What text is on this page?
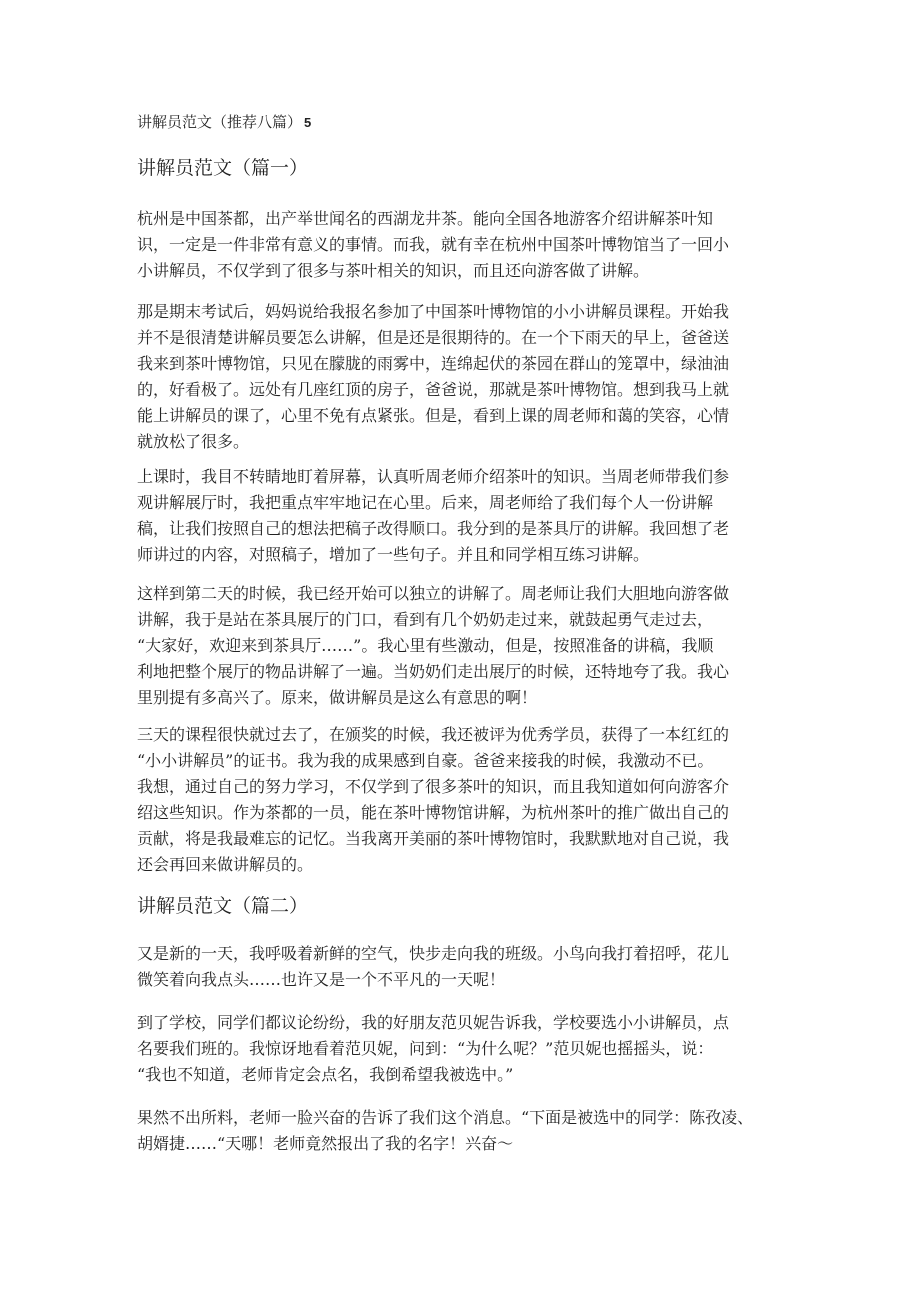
讲解员范文（推荐八篇） 5
讲解员范文（篇一）
杭州是中国茶都，出产举世闻名的西湖龙井茶。能向全国各地游客介绍讲解茶叶知
识，一定是一件非常有意义的事情。而我，就有幸在杭州中国茶叶博物馆当了一回小
小讲解员，不仅学到了很多与茶叶相关的知识，而且还向游客做了讲解。
那是期末考试后，妈妈说给我报名参加了中国茶叶博物馆的小小讲解员课程。开始我
并不是很清楚讲解员要怎么讲解，但是还是很期待的。在一个下雨天的早上，爸爸送
我来到茶叶博物馆，只见在朦胧的雨雾中，连绵起伏的茶园在群山的笼罩中，绿油油
的，好看极了。远处有几座红顶的房子，爸爸说，那就是茶叶博物馆。想到我马上就
能上讲解员的课了，心里不免有点紧张。但是，看到上课的周老师和蔼的笑容，心情
就放松了很多。
上课时，我目不转睛地盯着屏幕，认真听周老师介绍茶叶的知识。当周老师带我们参
观讲解展厅时，我把重点牢牢地记在心里。后来，周老师给了我们每个人一份讲解
稿，让我们按照自己的想法把稿子改得顺口。我分到的是茶具厅的讲解。我回想了老
师讲过的内容，对照稿子，增加了一些句子。并且和同学相互练习讲解。
这样到第二天的时候，我已经开始可以独立的讲解了。周老师让我们大胆地向游客做
讲解，我于是站在茶具展厅的门口，看到有几个奶奶走过来，就鼓起勇气走过去，
“大家好，欢迎来到茶具厅……”。我心里有些激动，但是，按照准备的讲稿，我顺
利地把整个展厅的物品讲解了一遍。当奶奶们走出展厅的时候，还特地夸了我。我心
里别提有多高兴了。原来，做讲解员是这么有意思的啊！
三天的课程很快就过去了，在颁奖的时候，我还被评为优秀学员，获得了一本红红的
“小小讲解员”的证书。我为我的成果感到自豪。爸爸来接我的时候，我激动不已。
我想，通过自己的努力学习，不仅学到了很多茶叶的知识，而且我知道如何向游客介
绍这些知识。作为茶都的一员，能在茶叶博物馆讲解，为杭州茶叶的推广做出自己的
贡献，将是我最难忘的记忆。当我离开美丽的茶叶博物馆时，我默默地对自己说，我
还会再回来做讲解员的。
讲解员范文（篇二）
又是新的一天，我呼吸着新鲜的空气，快步走向我的班级。小鸟向我打着招呼，花儿
微笑着向我点头……也许又是一个不平凡的一天呢！
到了学校，同学们都议论纷纷，我的好朋友范贝妮告诉我，学校要选小小讲解员，点
名要我们班的。我惊讶地看着范贝妮，问到：“为什么呢？”范贝妮也摇摇头，说：
“我也不知道，老师肯定会点名，我倒希望我被选中。”
果然不出所料，老师一脸兴奋的告诉了我们这个消息。“下面是被选中的同学：陈孜凌、
胡婿捷……“天哪！老师竟然报出了我的名字！兴奋～
